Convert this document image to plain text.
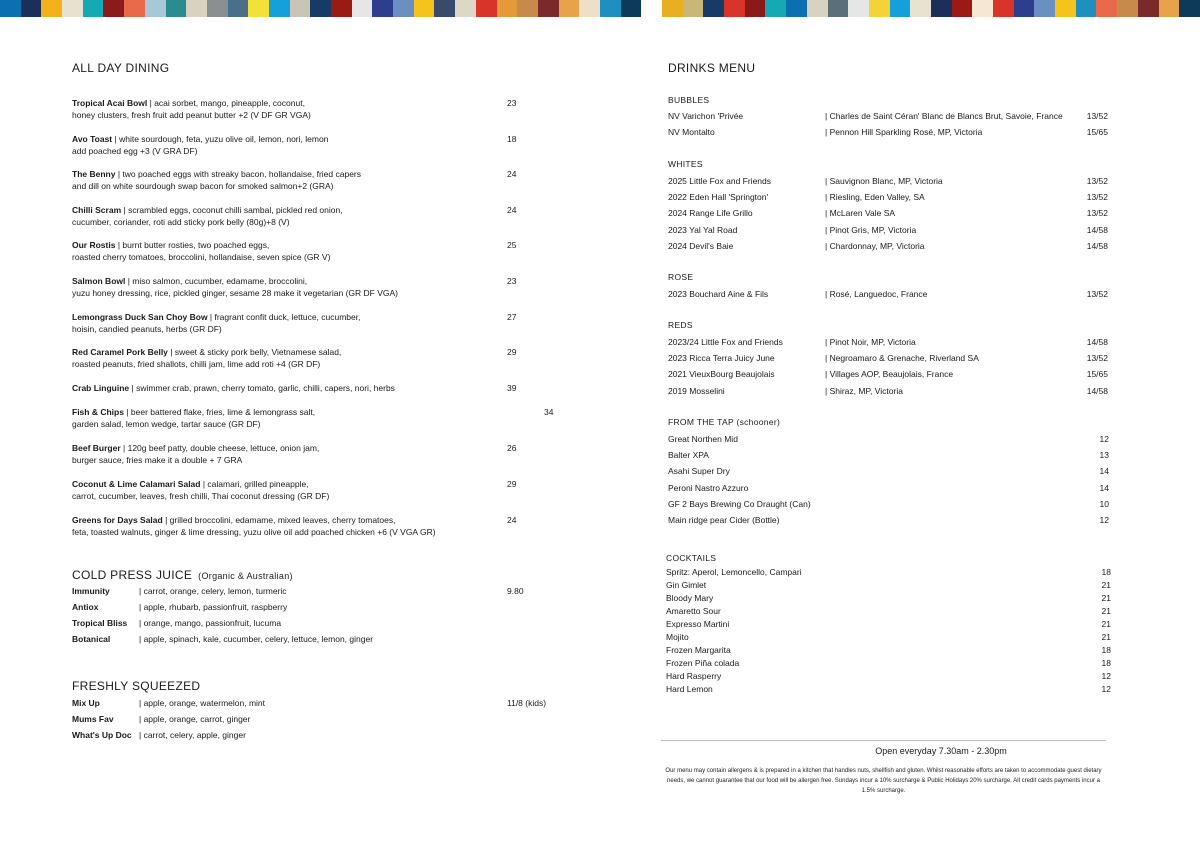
ALL DAY DINING
Tropical Acai Bowl | acai sorbet, mango, pineapple, coconut,
honey clusters, fresh fruit add peanut butter +2 (V DF GR VGA)
23
Avo Toast | white sourdough, feta, yuzu olive oil, lemon, nori, lemon
add poached egg +3 (V GRA DF)
18
The Benny | two poached eggs with streaky bacon, hollandaise, fried capers
and dill on white sourdough swap bacon for smoked salmon+2 (GRA)
24
Chilli Scram | scrambled eggs, coconut chilli sambal, pickled red onion,
cucumber, coriander, roti add sticky pork belly (80g)+8 (V)
24
Our Rostis | burnt butter rosties, two poached eggs,
roasted cherry tomatoes, broccolini, hollandaise, seven spice (GR V)
25
Salmon Bowl | miso salmon, cucumber, edamame, broccolini,
yuzu honey dressing, rice, pickled ginger, sesame 28 make it vegetarian (GR DF VGA)
23
Lemongrass Duck San Choy Bow | fragrant confit duck, lettuce, cucumber,
hoisin, candied peanuts, herbs (GR DF)
27
Red Caramel Pork Belly | sweet & sticky pork belly, Vietnamese salad,
roasted peanuts, fried shallots, chilli jam, lime add roti +4 (GR DF)
29
Crab Linguine | swimmer crab, prawn, cherry tomato, garlic, chilli, capers, nori, herbs	39
Fish & Chips | beer battered flake, fries, lime & lemongrass salt,
garden salad, lemon wedge, tartar sauce (GR DF)
34
Beef Burger | 120g beef patty, double cheese, lettuce, onion jam,
burger sauce, fries make it a double + 7 GRA
26
Coconut & Lime Calamari Salad | calamari, grilled pineapple,
carrot, cucumber, leaves, fresh chilli, Thai coconut dressing (GR DF)
29
Greens for Days Salad | grilled broccolini, edamame, mixed leaves, cherry tomatoes,
feta, toasted walnuts, ginger & lime dressing, yuzu olive oil add poached chicken +6 (V VGA GR)
24
COLD PRESS JUICE (Organic & Australian)
Immunity	| carrot, orange, celery, lemon, turmeric	9.80
Antiox	| apple, rhubarb, passionfruit, raspberry
Tropical Bliss | orange, mango, passionfruit, lucuma
Botanical	| apple, spinach, kale, cucumber, celery, lettuce, lemon, ginger
FRESHLY SQUEEZED
Mix Up	| apple, orange, watermelon, mint	11/8 (kids)
Mums Fav	| apple, orange, carrot, ginger
What's Up Doc | carrot, celery, apple, ginger
DRINKS MENU
BUBBLES
NV Varichon 'Privée	| Charles de Saint Céran' Blanc de Blancs Brut, Savoie, France	13/52
NV Montalto	| Pennon Hill Sparkling Rosé, MP, Victoria	15/65
WHITES
2025 Little Fox and Friends	| Sauvignon Blanc, MP, Victoria	13/52
2022 Eden Hall 'Springton'	| Riesling, Eden Valley, SA	13/52
2024 Range Life Grillo	| McLaren Vale SA	13/52
2023 Yal Yal Road	| Pinot Gris, MP, Victoria	14/58
2024 Devil's Baie	| Chardonnay, MP, Victoria	14/58
ROSE
2023 Bouchard Aine & Fils	| Rosé, Languedoc, France	13/52
REDS
2023/24 Little Fox and Friends	| Pinot Noir, MP, Victoria	14/58
2023 Ricca Terra Juicy June	| Negroamaro & Grenache, Riverland SA	13/52
2021 VieuxBourg Beaujolais	| Villages AOP, Beaujolais, France	15/65
2019 Mosselini	| Shiraz, MP, Victoria	14/58
FROM THE TAP (schooner)
Great Northen Mid	12
Balter XPA	13
Asahi Super Dry	14
Peroni Nastro Azzuro	14
GF 2 Bays Brewing Co Draught (Can)	10
Main ridge pear Cider (Bottle)	12
COCKTAILS
Spritz: Aperol, Lemoncello, Campari	18
Gin Gimlet	21
Bloody Mary	21
Amaretto Sour	21
Expresso Martini	21
Mojito	21
Frozen Margarita	18
Frozen Piña colada	18
Hard Rasperry	12
Hard Lemon	12
Open everyday 7.30am - 2.30pm
Our menu may contain allergens & is prepared in a kitchen that handles nuts, shellfish and gluten. Whilst reasonable efforts are taken to accommodate guest dietary needs, we cannot guarantee that our food will be allergen free. Sundays incur a 10% surcharge & Public Holidays 20% surcharge. All credit cards payments incur a 1.5% surcharge.
